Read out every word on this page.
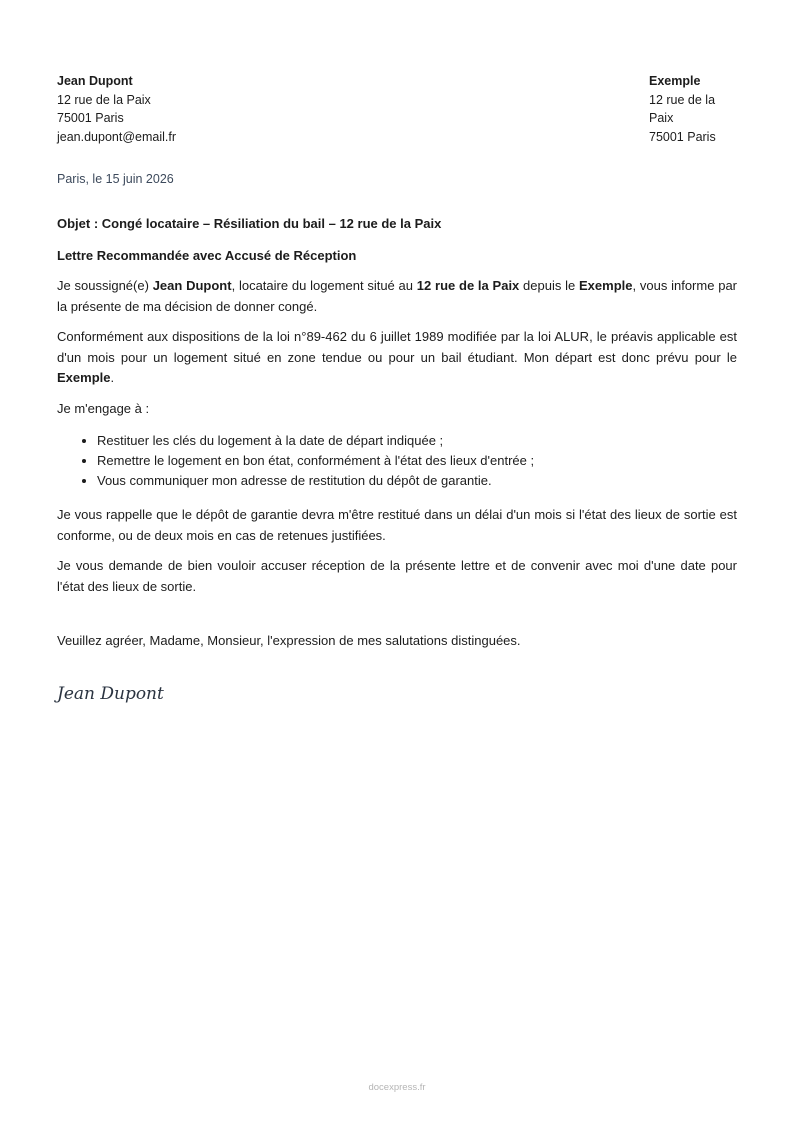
Jean Dupont
12 rue de la Paix
75001 Paris
jean.dupont@email.fr
Exemple
12 rue de la Paix
75001 Paris
Paris, le 15 juin 2026

Objet : Congé locataire – Résiliation du bail – 12 rue de la Paix

Lettre Recommandée avec Accusé de Réception

Je soussigné(e) Jean Dupont, locataire du logement situé au 12 rue de la Paix depuis le Exemple, vous informe par la présente de ma décision de donner congé.

Conformément aux dispositions de la loi n°89-462 du 6 juillet 1989 modifiée par la loi ALUR, le préavis applicable est d'un mois pour un logement situé en zone tendue ou pour un bail étudiant. Mon départ est donc prévu pour le Exemple.

Je m'engage à :

• Restituer les clés du logement à la date de départ indiquée ;
• Remettre le logement en bon état, conformément à l'état des lieux d'entrée ;
• Vous communiquer mon adresse de restitution du dépôt de garantie.

Je vous rappelle que le dépôt de garantie devra m'être restitué dans un délai d'un mois si l'état des lieux de sortie est conforme, ou de deux mois en cas de retenues justifiées.

Je vous demande de bien vouloir accuser réception de la présente lettre et de convenir avec moi d'une date pour l'état des lieux de sortie.

Veuillez agréer, Madame, Monsieur, l'expression de mes salutations distinguées.

Jean Dupont
docexpress.fr
